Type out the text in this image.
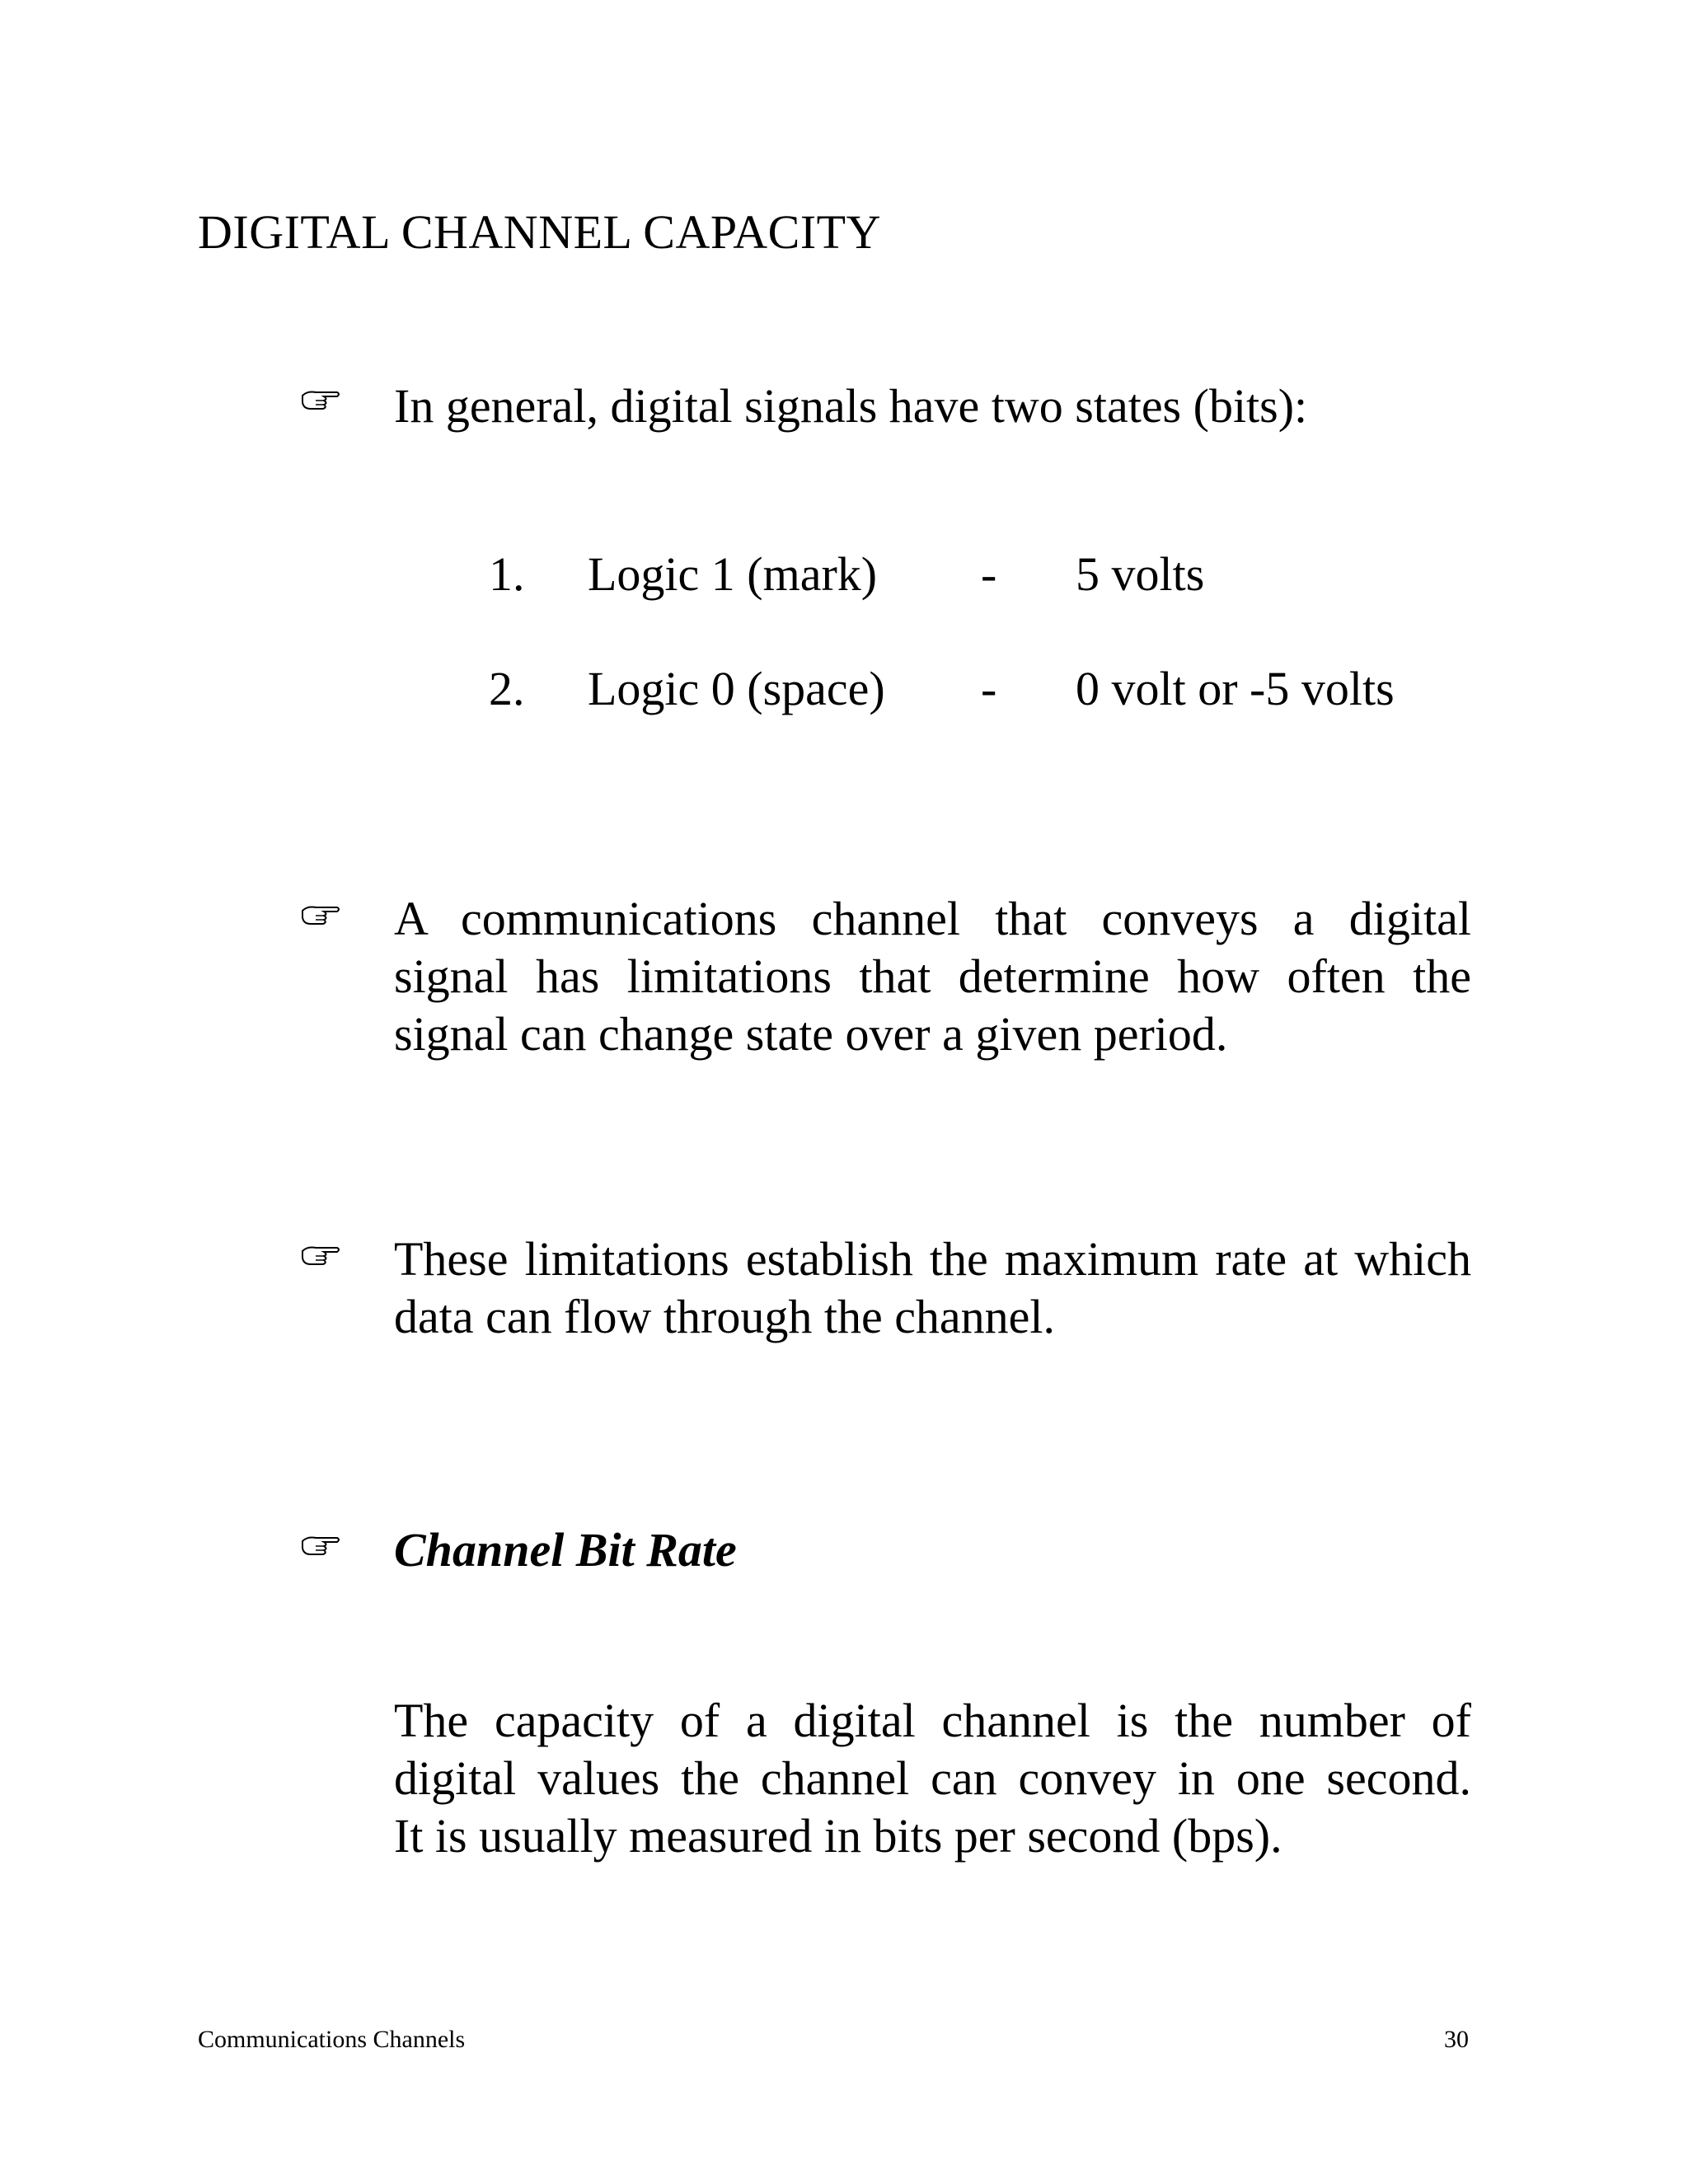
DIGITAL CHANNEL CAPACITY
In general, digital signals have two states (bits):
1. Logic 1 (mark) - 5 volts
2. Logic 0 (space) - 0 volt or -5 volts
A communications channel that conveys a digital
signal has limitations that determine how often the
signal can change state over a given period.
These limitations establish the maximum rate at which
data can flow through the channel.
Channel Bit Rate
The capacity of a digital channel is the number of
digital values the channel can convey in one second.
It is usually measured in bits per second (bps).
Communications Channels	30
